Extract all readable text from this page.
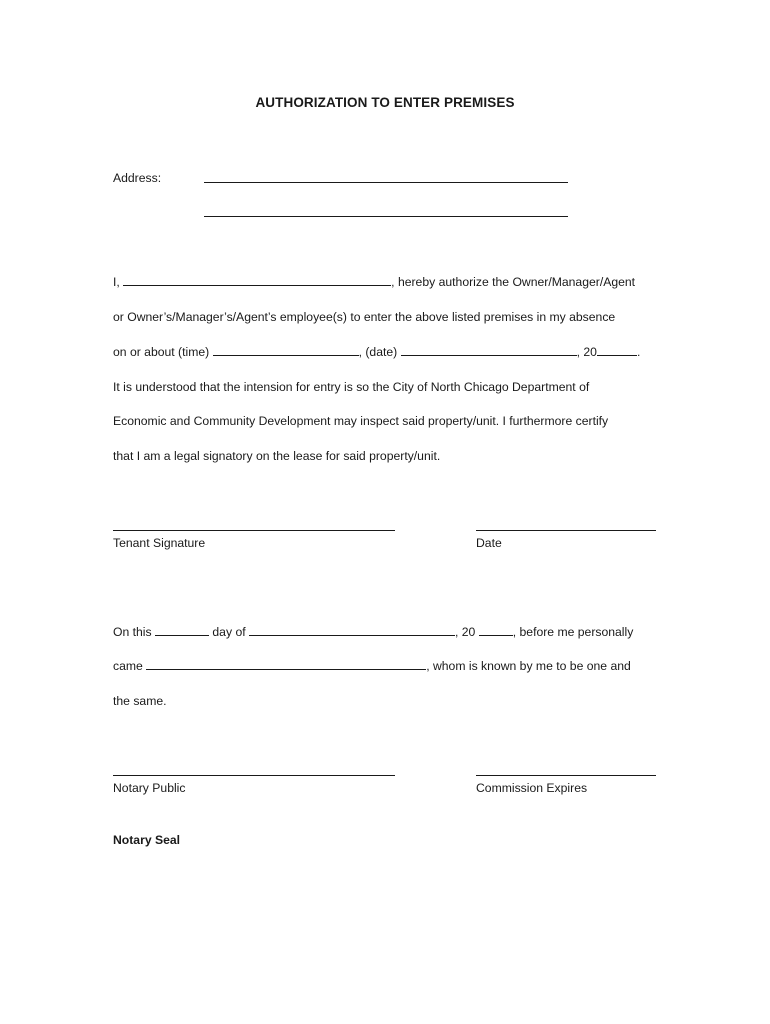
AUTHORIZATION TO ENTER PREMISES
Address:
I,	, hereby authorize the Owner/Manager/Agent
or Owner’s/Manager’s/Agent’s employee(s) to enter the above listed premises in my absence
on or about (time)	, (date)	, 20	.
It is understood that the intension for entry is so the City of North Chicago Department of
Economic and Community Development may inspect said property/unit. I furthermore certify
that I am a legal signatory on the lease for said property/unit.
Tenant Signature	Date
On this	day of	, 20	, before me personally
came	, whom is known by me to be one and
the same.
Notary Public	Commission Expires
Notary Seal
